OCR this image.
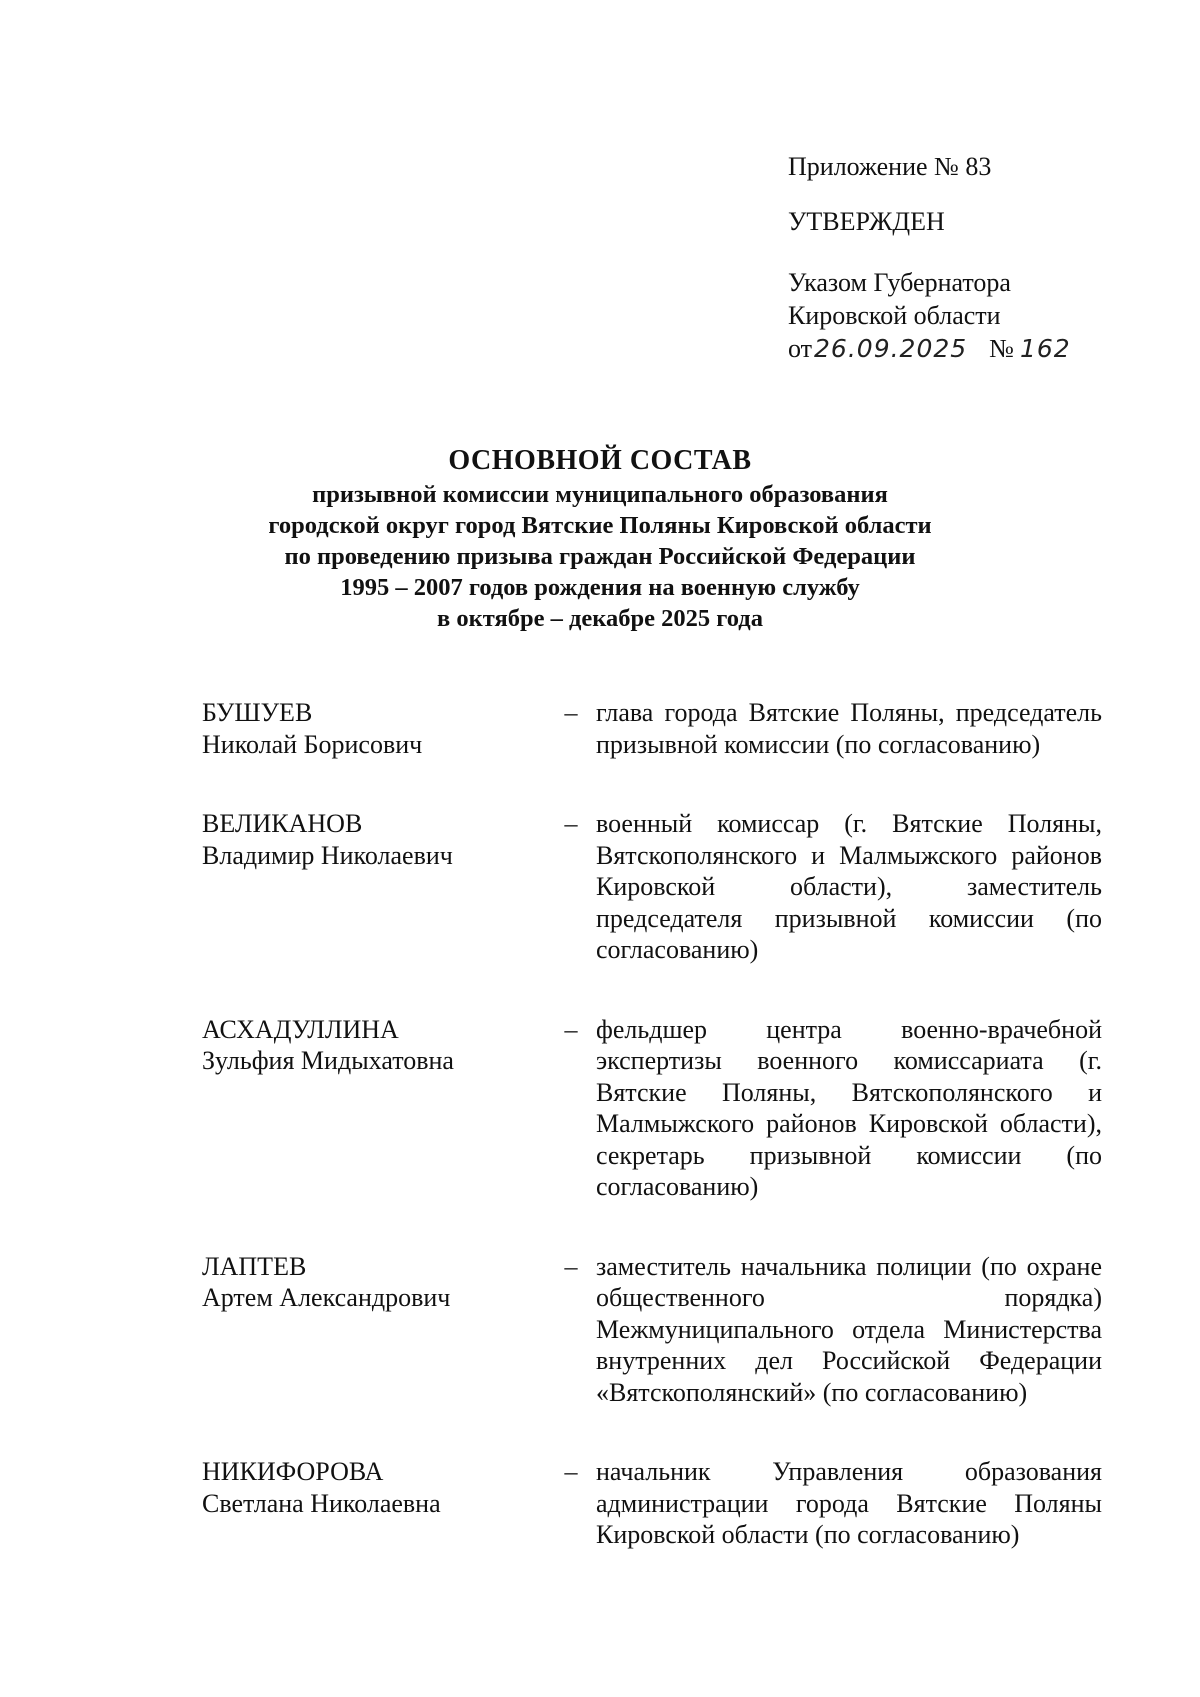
Приложение № 83
УТВЕРЖДЕН
Указом Губернатора
Кировской области
от26.09.2025 № 162
ОСНОВНОЙ СОСТАВ
призывной комиссии муниципального образования
городской округ город Вятские Поляны Кировской области
по проведению призыва граждан Российской Федерации
1995 – 2007 годов рождения на военную службу
в октябре – декабре 2025 года
БУШУЕВ
Николай Борисович
– глава города Вятские Поляны, председатель призывной комиссии (по согласованию)
ВЕЛИКАНОВ
Владимир Николаевич
– военный комиссар (г. Вятские Поляны, Вятскополянского и Малмыжского районов Кировской области), заместитель председателя призывной комиссии (по согласованию)
АСХАДУЛЛИНА
Зульфия Мидыхатовна
– фельдшер центра военно-врачебной экспертизы военного комиссариата (г. Вятские Поляны, Вятскополянского и Малмыжского районов Кировской области), секретарь призывной комиссии (по согласованию)
ЛАПТЕВ
Артем Александрович
– заместитель начальника полиции (по охране общественного порядка) Межмуниципального отдела Министерства внутренних дел Российской Федерации «Вятскополянский» (по согласованию)
НИКИФОРОВА
Светлана Николаевна
– начальник Управления образования администрации города Вятские Поляны Кировской области (по согласованию)
